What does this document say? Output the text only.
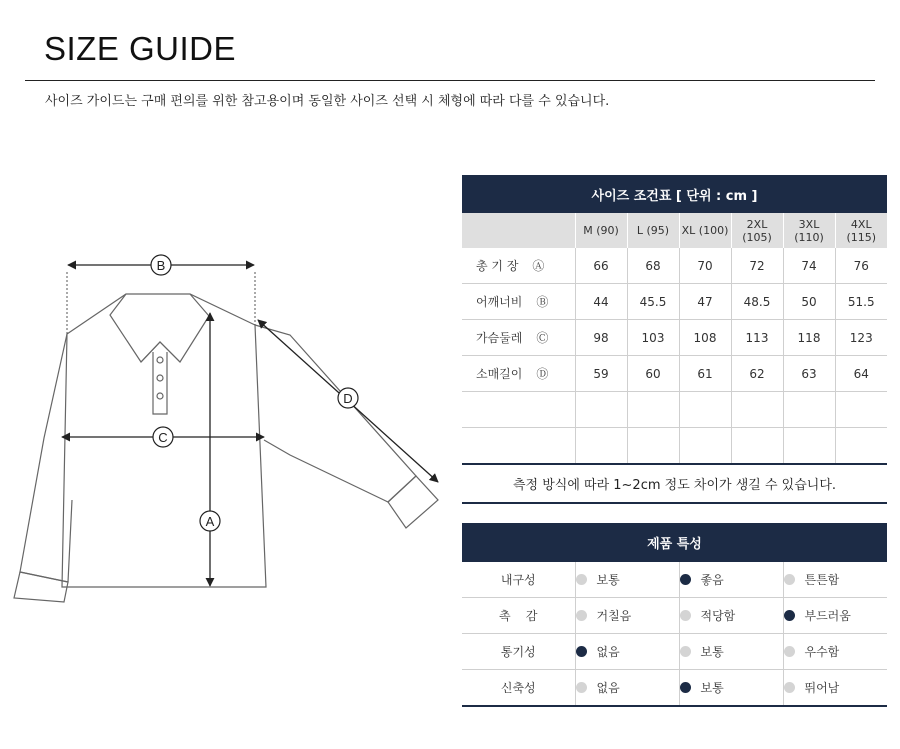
SIZE GUIDE
사이즈 가이드는 구매 편의를 위한 참고용이며 동일한 사이즈 선택 시 체형에 따라 다를 수 있습니다.
B
C
A
D
사이즈 조건표 [ 단위 : cm ]						
	M (90)	L (95)	XL (100)	2XL (105)	3XL (110)	4XL (115)
총 기 장 Ⓐ	66	68	70	72	74	76
어깨너비 Ⓑ	44	45.5	47	48.5	50	51.5
가슴둘레 Ⓒ	98	103	108	113	118	123
소매길이 Ⓓ	59	60	61	62	63	64

측정 방식에 따라 1~2cm 정도 차이가 생길 수 있습니다.
제품 특성			
내구성	보통	좋음	튼튼함
촉    감	거칠음	적당함	부드러움
통기성	없음	보통	우수함
신축성	없음	보통	뛰어남
